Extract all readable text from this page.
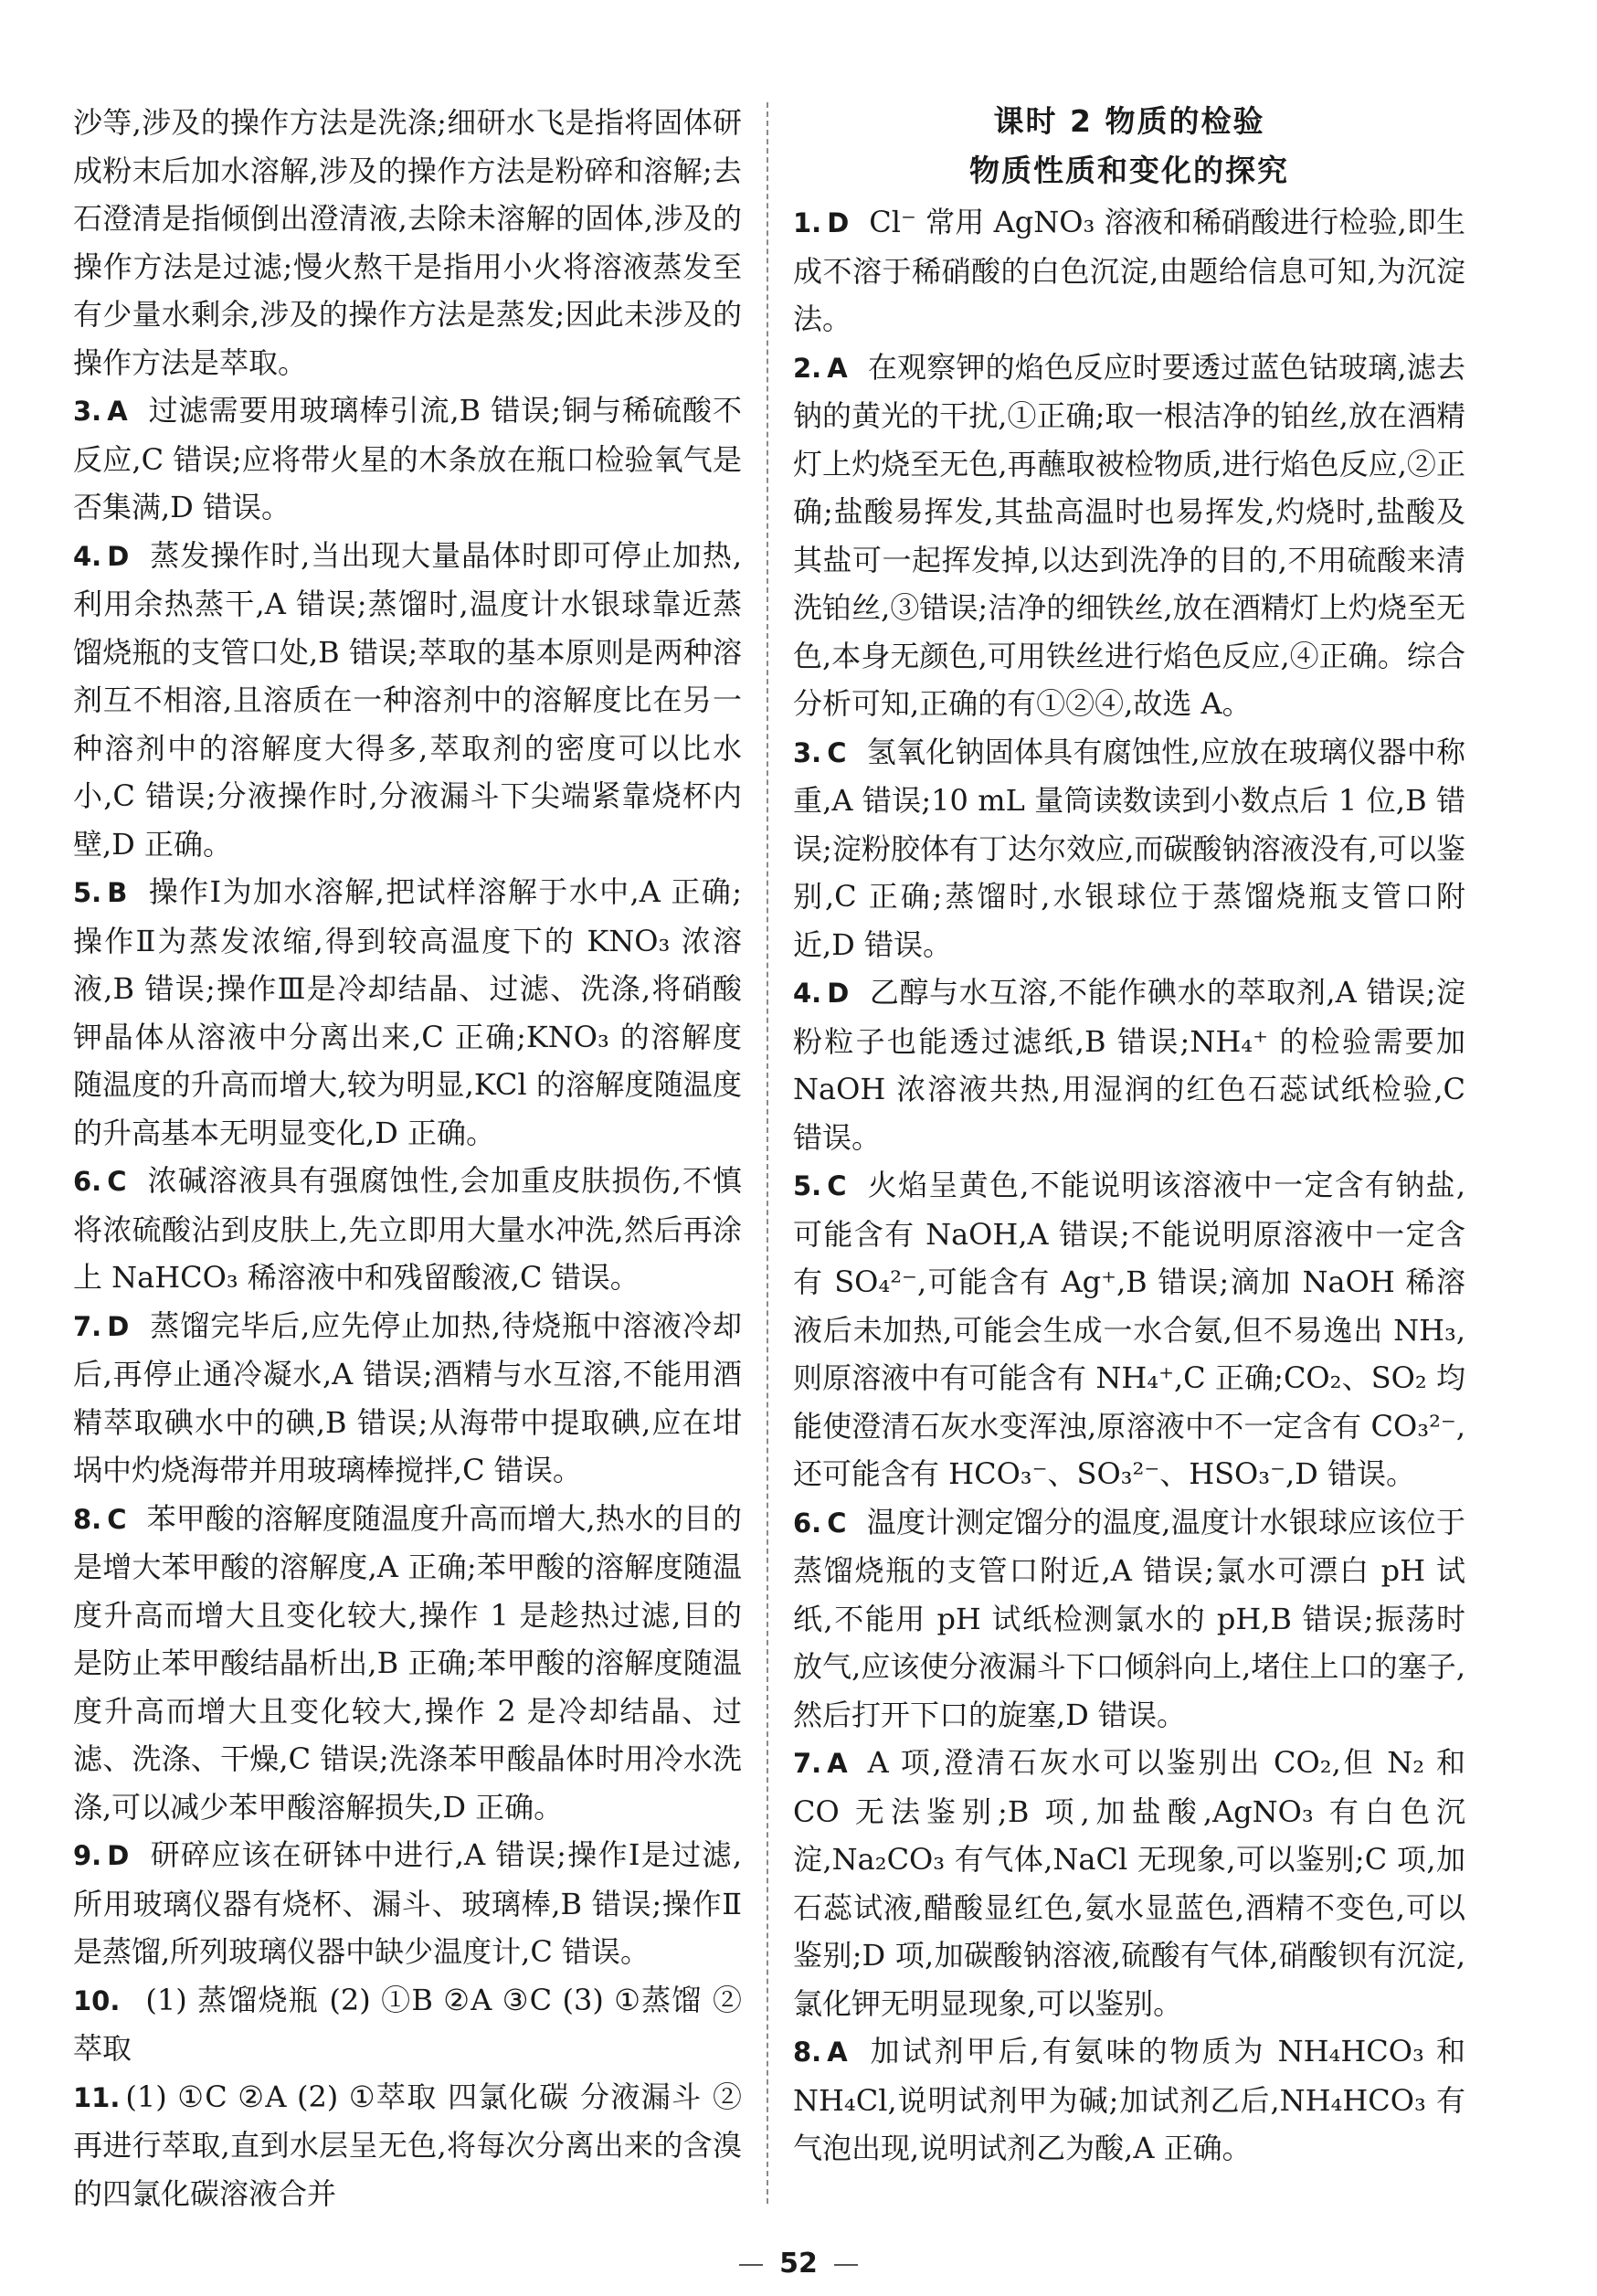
沙等,涉及的操作方法是洗涤;细研水飞是指将固体研成粉末后加水溶解,涉及的操作方法是粉碎和溶解;去石澄清是指倾倒出澄清液,去除未溶解的固体,涉及的操作方法是过滤;慢火熬干是指用小火将溶液蒸发至有少量水剩余,涉及的操作方法是蒸发;因此未涉及的操作方法是萃取。

3. A 过滤需要用玻璃棒引流,B 错误;铜与稀硫酸不反应,C 错误;应将带火星的木条放在瓶口检验氧气是否集满,D 错误。

4. D 蒸发操作时,当出现大量晶体时即可停止加热,利用余热蒸干,A 错误;蒸馏时,温度计水银球靠近蒸馏烧瓶的支管口处,B 错误;萃取的基本原则是两种溶剂互不相溶,且溶质在一种溶剂中的溶解度比在另一种溶剂中的溶解度大得多,萃取剂的密度可以比水小,C 错误;分液操作时,分液漏斗下尖端紧靠烧杯内壁,D 正确。

5. B 操作Ⅰ为加水溶解,把试样溶解于水中,A 正确;操作Ⅱ为蒸发浓缩,得到较高温度下的 KNO₃ 浓溶液,B 错误;操作Ⅲ是冷却结晶、过滤、洗涤,将硝酸钾晶体从溶液中分离出来,C 正确;KNO₃ 的溶解度随温度的升高而增大,较为明显,KCl 的溶解度随温度的升高基本无明显变化,D 正确。

6. C 浓碱溶液具有强腐蚀性,会加重皮肤损伤,不慎将浓硫酸沾到皮肤上,先立即用大量水冲洗,然后再涂上 NaHCO₃ 稀溶液中和残留酸液,C 错误。

7. D 蒸馏完毕后,应先停止加热,待烧瓶中溶液冷却后,再停止通冷凝水,A 错误;酒精与水互溶,不能用酒精萃取碘水中的碘,B 错误;从海带中提取碘,应在坩埚中灼烧海带并用玻璃棒搅拌,C 错误。

8. C 苯甲酸的溶解度随温度升高而增大,热水的目的是增大苯甲酸的溶解度,A 正确;苯甲酸的溶解度随温度升高而增大且变化较大,操作 1 是趁热过滤,目的是防止苯甲酸结晶析出,B 正确;苯甲酸的溶解度随温度升高而增大且变化较大,操作 2 是冷却结晶、过滤、洗涤、干燥,C 错误;洗涤苯甲酸晶体时用冷水洗涤,可以减少苯甲酸溶解损失,D 正确。

9. D 研碎应该在研钵中进行,A 错误;操作Ⅰ是过滤,所用玻璃仪器有烧杯、漏斗、玻璃棒,B 错误;操作Ⅱ是蒸馏,所列玻璃仪器中缺少温度计,C 错误。

10. (1) 蒸馏烧瓶 (2) ①B ②A ③C (3) ①蒸馏 ②萃取

11. (1) ①C ②A (2) ①萃取 四氯化碳 分液漏斗 ②再进行萃取,直到水层呈无色,将每次分离出来的含溴的四氯化碳溶液合并

课时 2 物质的检验
物质性质和变化的探究

1. D Cl⁻ 常用 AgNO₃ 溶液和稀硝酸进行检验,即生成不溶于稀硝酸的白色沉淀,由题给信息可知,为沉淀法。

2. A 在观察钾的焰色反应时要透过蓝色钴玻璃,滤去钠的黄光的干扰,①正确;取一根洁净的铂丝,放在酒精灯上灼烧至无色,再蘸取被检物质,进行焰色反应,②正确;盐酸易挥发,其盐高温时也易挥发,灼烧时,盐酸及其盐可一起挥发掉,以达到洗净的目的,不用硫酸来清洗铂丝,③错误;洁净的细铁丝,放在酒精灯上灼烧至无色,本身无颜色,可用铁丝进行焰色反应,④正确。综合分析可知,正确的有①②④,故选 A。

3. C 氢氧化钠固体具有腐蚀性,应放在玻璃仪器中称重,A 错误;10 mL 量筒读数读到小数点后 1 位,B 错误;淀粉胶体有丁达尔效应,而碳酸钠溶液没有,可以鉴别,C 正确;蒸馏时,水银球位于蒸馏烧瓶支管口附近,D 错误。

4. D 乙醇与水互溶,不能作碘水的萃取剂,A 错误;淀粉粒子也能透过滤纸,B 错误;NH₄⁺ 的检验需要加 NaOH 浓溶液共热,用湿润的红色石蕊试纸检验,C 错误。

5. C 火焰呈黄色,不能说明该溶液中一定含有钠盐,可能含有 NaOH,A 错误;不能说明原溶液中一定含有 SO₄²⁻,可能含有 Ag⁺,B 错误;滴加 NaOH 稀溶液后未加热,可能会生成一水合氨,但不易逸出 NH₃,则原溶液中有可能含有 NH₄⁺,C 正确;CO₂、SO₂ 均能使澄清石灰水变浑浊,原溶液中不一定含有 CO₃²⁻,还可能含有 HCO₃⁻、SO₃²⁻、HSO₃⁻,D 错误。

6. C 温度计测定馏分的温度,温度计水银球应该位于蒸馏烧瓶的支管口附近,A 错误;氯水可漂白 pH 试纸,不能用 pH 试纸检测氯水的 pH,B 错误;振荡时放气,应该使分液漏斗下口倾斜向上,堵住上口的塞子,然后打开下口的旋塞,D 错误。

7. A A 项,澄清石灰水可以鉴别出 CO₂,但 N₂ 和 CO 无法鉴别;B 项,加盐酸,AgNO₃ 有白色沉淀,Na₂CO₃ 有气体,NaCl 无现象,可以鉴别;C 项,加石蕊试液,醋酸显红色,氨水显蓝色,酒精不变色,可以鉴别;D 项,加碳酸钠溶液,硫酸有气体,硝酸钡有沉淀,氯化钾无明显现象,可以鉴别。

8. A 加试剂甲后,有氨味的物质为 NH₄HCO₃ 和 NH₄Cl,说明试剂甲为碱;加试剂乙后,NH₄HCO₃ 有气泡出现,说明试剂乙为酸,A 正确。

52
